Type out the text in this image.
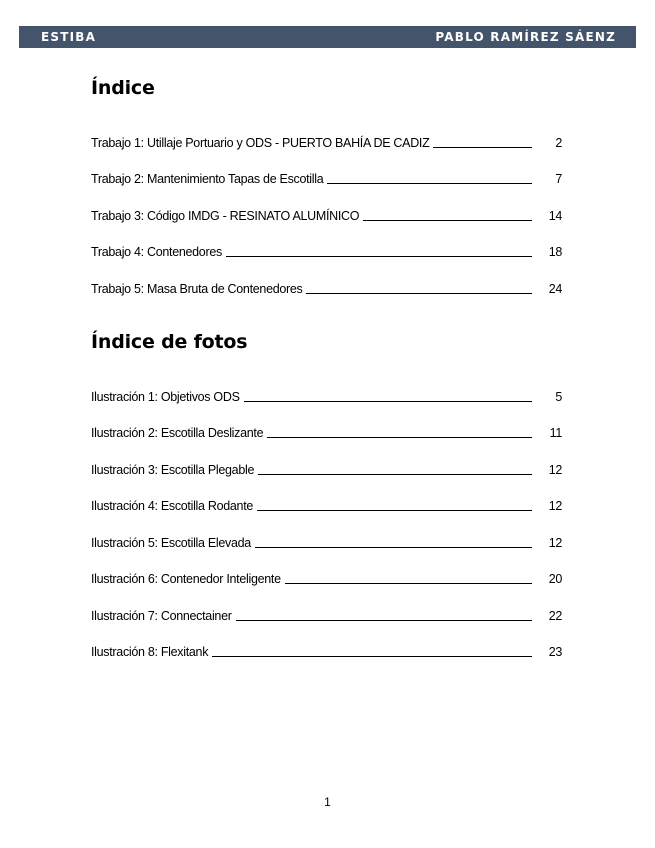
ESTIBA	PABLO RAMÍREZ SÁENZ
Índice
Trabajo 1: Utillaje Portuario y ODS - PUERTO BAHÍA DE CADIZ	2
Trabajo 2: Mantenimiento Tapas de Escotilla	7
Trabajo 3: Código IMDG - RESINATO ALUMÍNICO	14
Trabajo 4: Contenedores	18
Trabajo 5: Masa Bruta de Contenedores	24
Índice de fotos
Ilustración 1: Objetivos ODS	5
Ilustración 2: Escotilla Deslizante	11
Ilustración 3: Escotilla Plegable	12
Ilustración 4: Escotilla Rodante	12
Ilustración 5: Escotilla Elevada	12
Ilustración 6: Contenedor Inteligente	20
Ilustración 7: Connectainer	22
Ilustración 8: Flexitank	23
1
